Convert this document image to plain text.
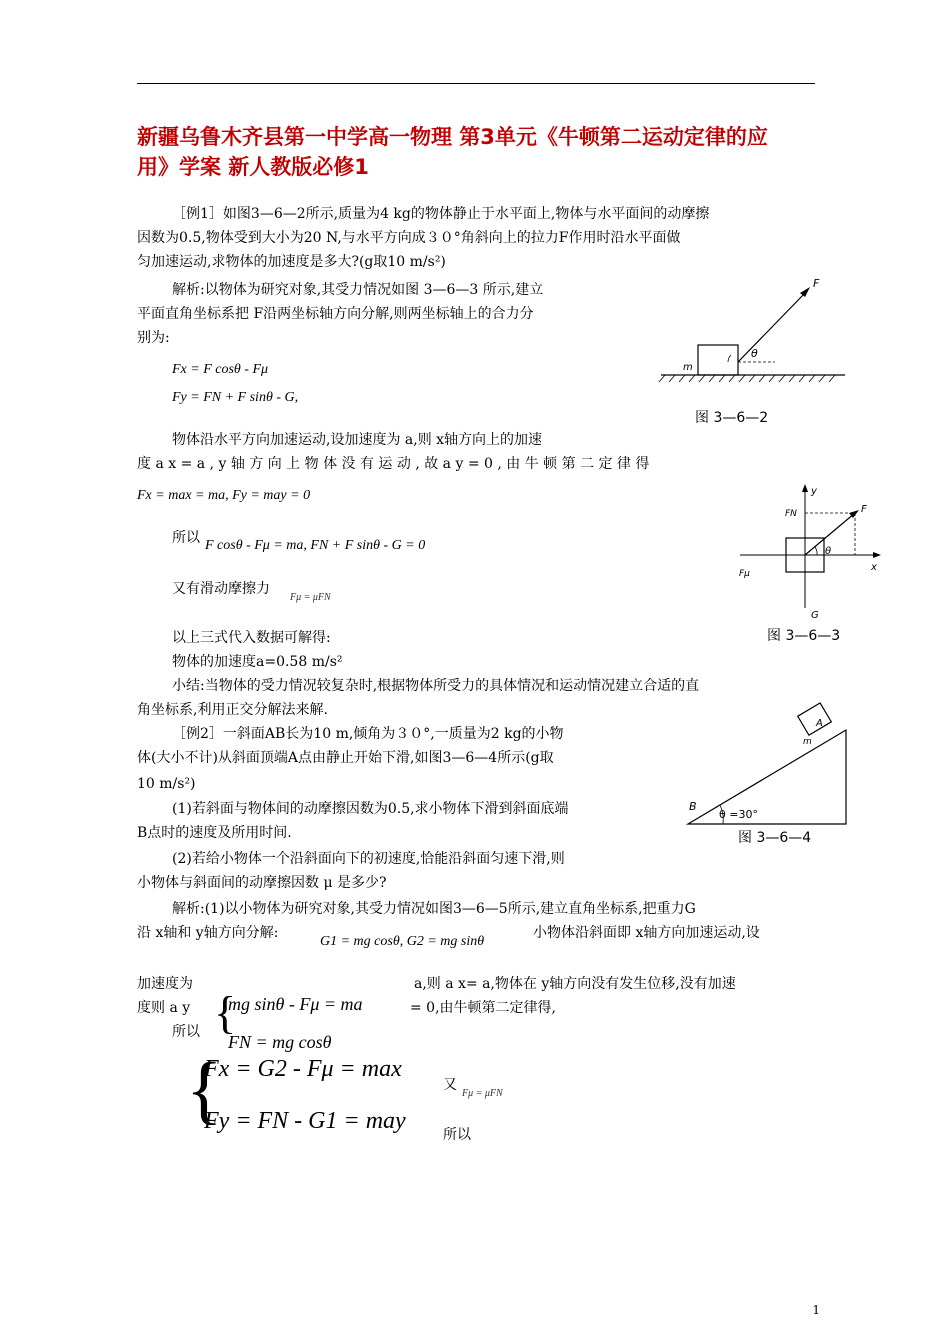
新疆乌鲁木齐县第一中学高一物理 第3单元《牛顿第二运动定律的应
用》学案 新人教版必修1
［例1］如图3—6—2所示,质量为4 kg的物体静止于水平面上,物体与水平面间的动摩擦
因数为0.5,物体受到大小为20 N,与水平方向成３０°角斜向上的拉力F作用时沿水平面做
匀加速运动,求物体的加速度是多大?(g取10 m/s²)
解析:以物体为研究对象,其受力情况如图 3—6—3 所示,建立
平面直角坐标系把 F沿两坐标轴方向分解,则两坐标轴上的合力分
别为:
Fx = F cosθ - Fμ
Fy = FN + F sinθ - G,
物体沿水平方向加速运动,设加速度为 a,则 x轴方向上的加速
度 a x = a , y 轴 方 向 上 物 体 没 有 运 动 , 故 a y = 0 , 由 牛 顿 第 二 定 律 得
Fx = max = ma, Fy = may = 0
所以 F cosθ - Fμ = ma, FN + F sinθ - G = 0
又有滑动摩擦力
Fμ = μFN
以上三式代入数据可解得:
物体的加速度a=0.58 m/s²
小结:当物体的受力情况较复杂时,根据物体所受力的具体情况和运动情况建立合适的直
角坐标系,利用正交分解法来解.
［例2］一斜面AB长为10 m,倾角为３０°,一质量为2 kg的小物
体(大小不计)从斜面顶端A点由静止开始下滑,如图3—6—4所示(g取
10 m/s²)
(1)若斜面与物体间的动摩擦因数为0.5,求小物体下滑到斜面底端
B点时的速度及所用时间.
(2)若给小物体一个沿斜面向下的初速度,恰能沿斜面匀速下滑,则
小物体与斜面间的动摩擦因数 μ 是多少?
解析:(1)以小物体为研究对象,其受力情况如图3—6—5所示,建立直角坐标系,把重力G
沿 x轴和 y轴方向分解:
G1 = mg cosθ, G2 = mg sinθ
小物体沿斜面即 x轴方向加速运动,设
加速度为	a,则 a x= a,物体在 y轴方向没有发生位移,没有加速
度则 a y	= 0,由牛顿第二定律得,
所以 {
mg sinθ - Fμ = ma
FN = mg cosθ
{
Fx = G2 - Fμ = max
Fy = FN - G1 = may
又
Fμ = μFN
所以
F
m
θ
图 3—6—2
y
x
F
FN
Fμ
G
θ
图 3—6—3
A
B
m
θ =30°
图 3—6—4
1
